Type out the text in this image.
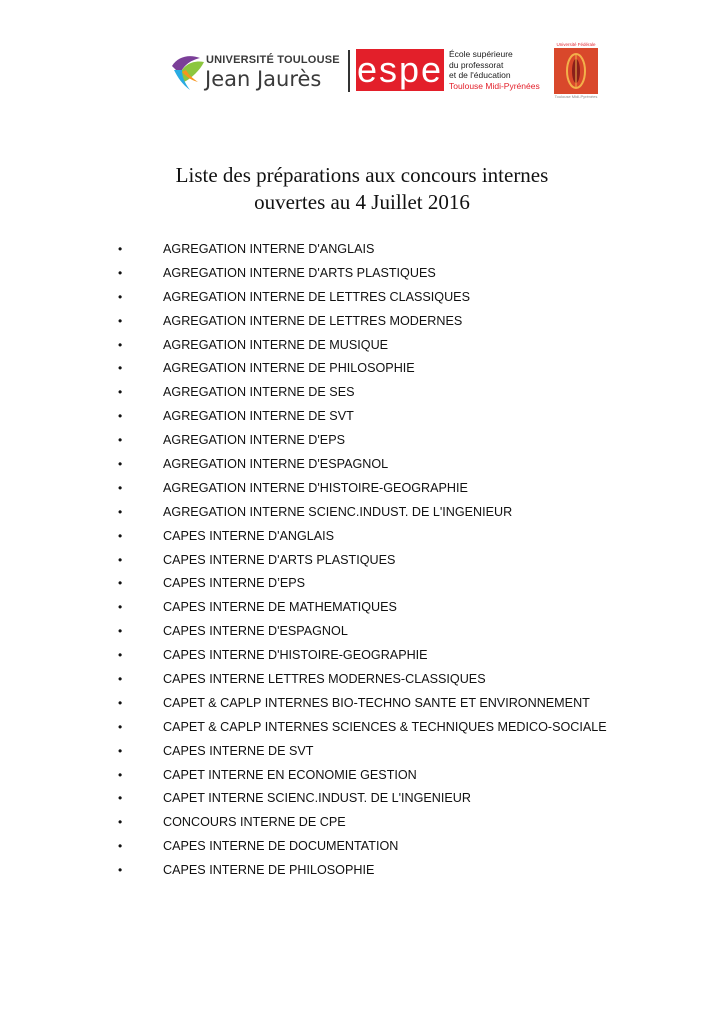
UNIVERSITÉ TOULOUSE
Jean Jaurès espe École supérieure
du professorat
et de l'éducation
Toulouse Midi-Pyrénées
Université Fédérale
Toulouse Midi-Pyrénées
Liste des préparations aux concours internes
ouvertes au 4 Juillet 2016
•	AGREGATION INTERNE D'ANGLAIS
•	AGREGATION INTERNE D'ARTS PLASTIQUES
•	AGREGATION INTERNE DE LETTRES CLASSIQUES
•	AGREGATION INTERNE DE LETTRES MODERNES
•	AGREGATION INTERNE DE MUSIQUE
•	AGREGATION INTERNE DE PHILOSOPHIE
•	AGREGATION INTERNE DE SES
•	AGREGATION INTERNE DE SVT
•	AGREGATION INTERNE D'EPS
•	AGREGATION INTERNE D'ESPAGNOL
•	AGREGATION INTERNE D'HISTOIRE-GEOGRAPHIE
•	AGREGATION INTERNE SCIENC.INDUST. DE L'INGENIEUR
•	CAPES INTERNE D'ANGLAIS
•	CAPES INTERNE D'ARTS PLASTIQUES
•	CAPES INTERNE D’EPS
•	CAPES INTERNE DE MATHEMATIQUES
•	CAPES INTERNE D'ESPAGNOL
•	CAPES INTERNE D'HISTOIRE-GEOGRAPHIE
•	CAPES INTERNE LETTRES MODERNES-CLASSIQUES
•	CAPET & CAPLP INTERNES BIO-TECHNO SANTE ET ENVIRONNEMENT
•	CAPET & CAPLP INTERNES SCIENCES & TECHNIQUES MEDICO-SOCIALE
•	CAPES INTERNE DE SVT
•	CAPET INTERNE EN ECONOMIE GESTION
•	CAPET INTERNE SCIENC.INDUST. DE L'INGENIEUR
•	CONCOURS INTERNE DE CPE
•	CAPES INTERNE DE DOCUMENTATION
•	CAPES INTERNE DE PHILOSOPHIE
